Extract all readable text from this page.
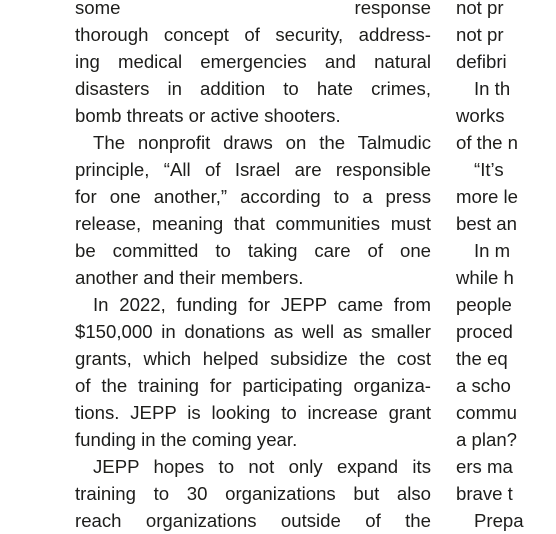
some response
thorough concept of security, address-
ing medical emergencies and natural
disasters in addition to hate crimes,
bomb threats or active shooters.
The nonprofit draws on the Talmudic
principle, “All of Israel are responsible
for one another,” according to a press
release, meaning that communities must
be committed to taking care of one
another and their members.
In 2022, funding for JEPP came from
$150,000 in donations as well as smaller
grants, which helped subsidize the cost
of the training for participating organiza-
tions. JEPP is looking to increase grant
funding in the coming year.
JEPP hopes to not only expand its
training to 30 organizations but also
reach organizations outside of the
not pr
not pr
defibri
In th
works
of the n
“It’s
more le
best an
In m
while h
people
proced
the eq
a scho
commu
a plan?
ers ma
brave t
Prepa
